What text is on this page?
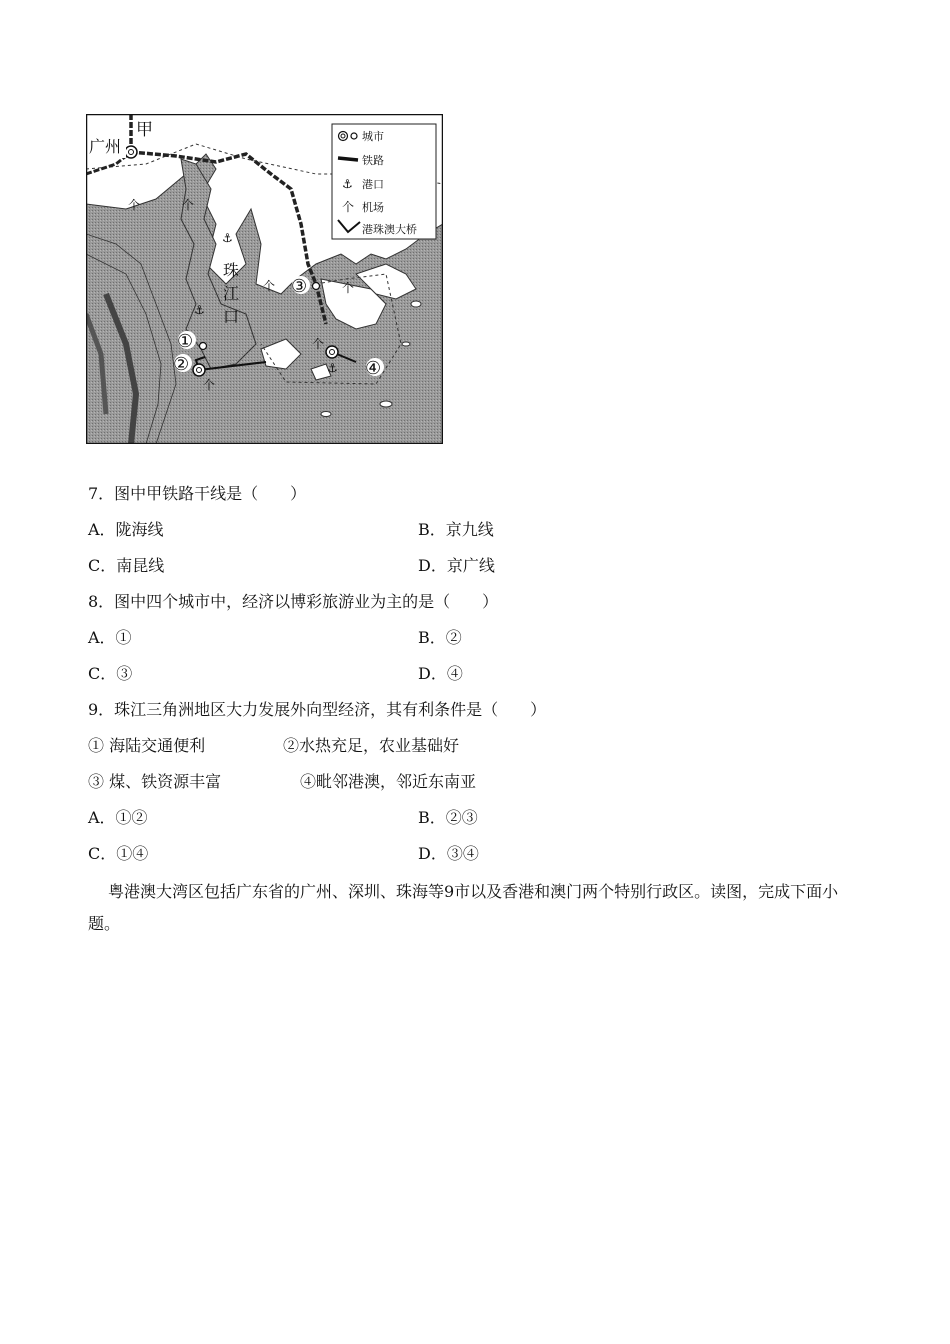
个	个
⚓
个
⚓
个
个
个
⚓
甲
广州
珠
江
口
①
②
③
④
城市
铁路
⚓ 港口
个 机场
港珠澳大桥
7．图中甲铁路干线是（　　）
A．陇海线	B．京九线
C．南昆线	D．京广线
8．图中四个城市中，经济以博彩旅游业为主的是（　　）
A．①	B．②
C．③	D．④
9．珠江三角洲地区大力发展外向型经济，其有利条件是（　　）
① 海陆交通便利	②水热充足，农业基础好
③ 煤、铁资源丰富	④毗邻港澳，邻近东南亚
A．①②	B．②③
C．①④	D．③④
粤港澳大湾区包括广东省的广州、深圳、珠海等9市以及香港和澳门两个特别行政区。读图，完成下面小题。
